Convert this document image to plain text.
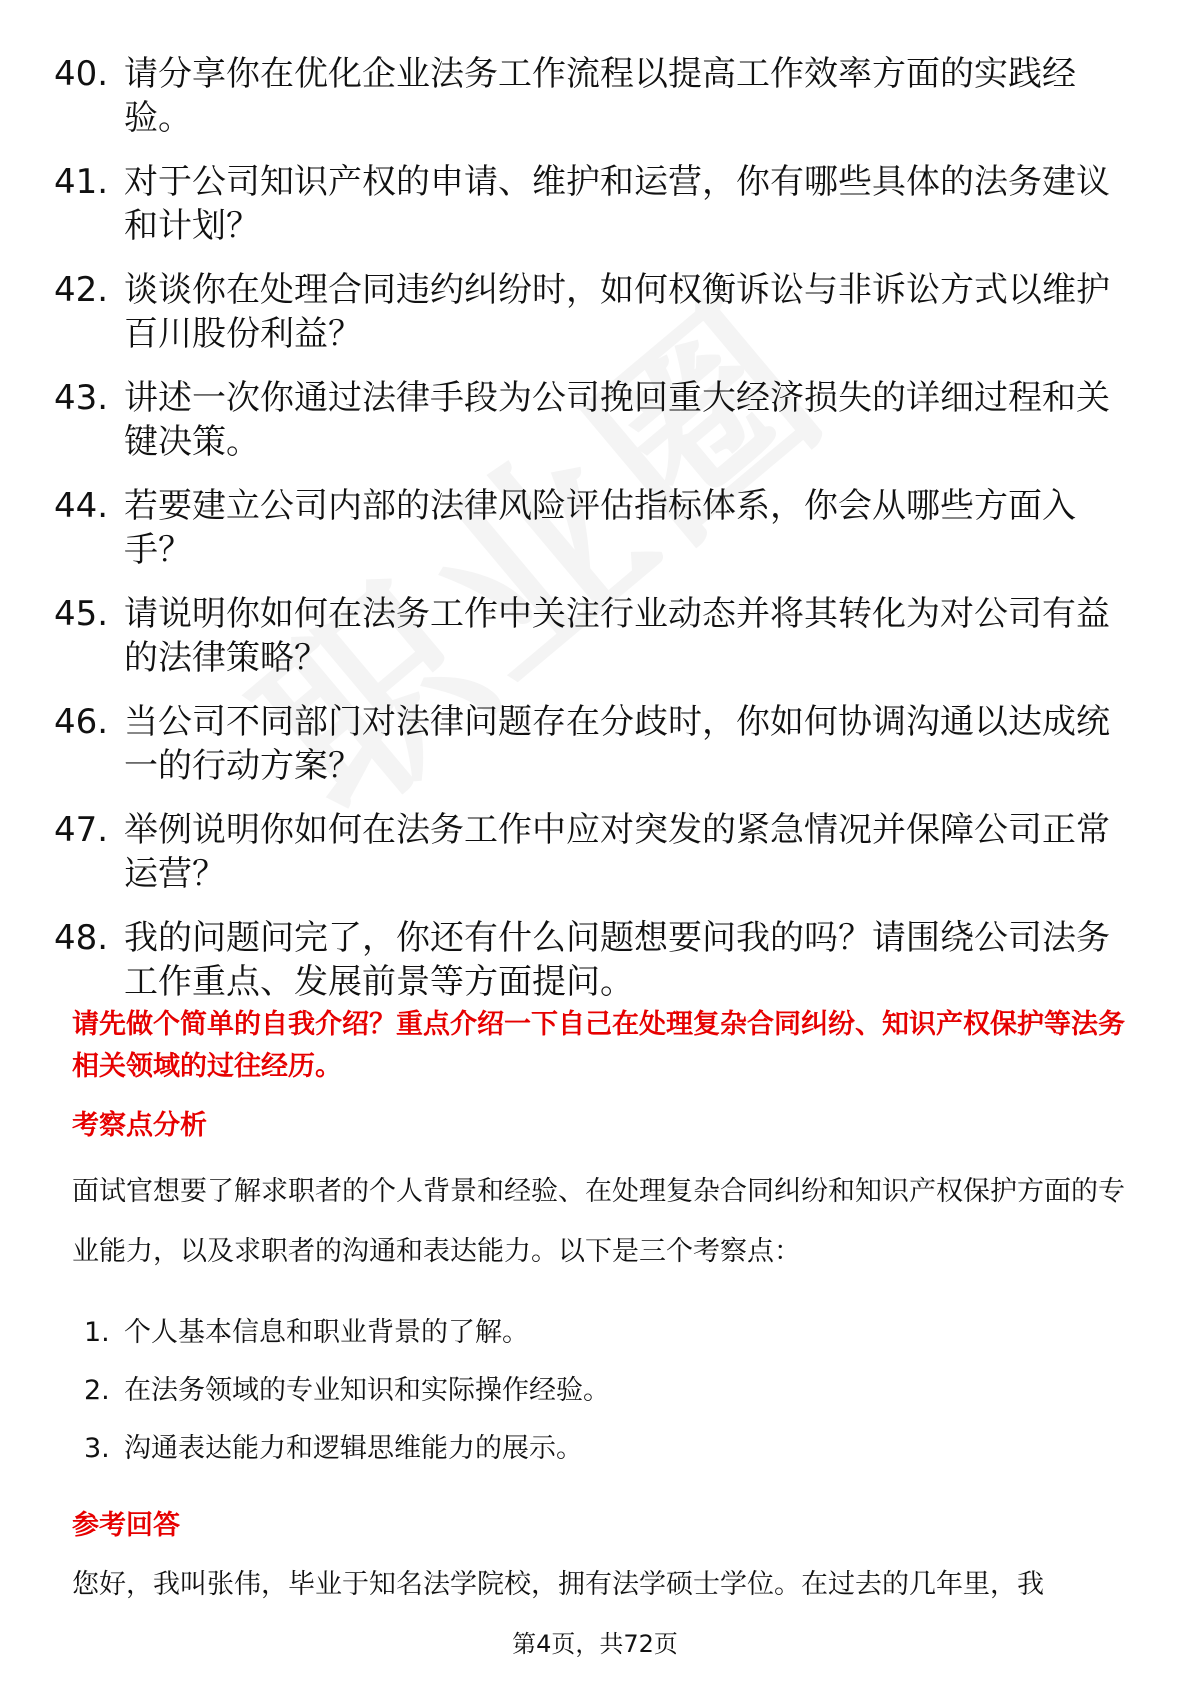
40. 请分享你在优化企业法务工作流程以提高工作效率方面的实践经验。
41. 对于公司知识产权的申请、维护和运营，你有哪些具体的法务建议和计划？
42. 谈谈你在处理合同违约纠纷时，如何权衡诉讼与非诉讼方式以维护百川股份利益？
43. 讲述一次你通过法律手段为公司挽回重大经济损失的详细过程和关键决策。
44. 若要建立公司内部的法律风险评估指标体系，你会从哪些方面入手？
45. 请说明你如何在法务工作中关注行业动态并将其转化为对公司有益的法律策略？
46. 当公司不同部门对法律问题存在分歧时，你如何协调沟通以达成统一的行动方案？
47. 举例说明你如何在法务工作中应对突发的紧急情况并保障公司正常运营？
48. 我的问题问完了，你还有什么问题想要问我的吗？请围绕公司法务工作重点、发展前景等方面提问。
请先做个简单的自我介绍？重点介绍一下自己在处理复杂合同纠纷、知识产权保护等法务相关领域的过往经历。
考察点分析
面试官想要了解求职者的个人背景和经验、在处理复杂合同纠纷和知识产权保护方面的专业能力，以及求职者的沟通和表达能力。以下是三个考察点：
1. 个人基本信息和职业背景的了解。
2. 在法务领域的专业知识和实际操作经验。
3. 沟通表达能力和逻辑思维能力的展示。
参考回答
您好，我叫张伟，毕业于知名法学院校，拥有法学硕士学位。在过去的几年里，我
第4页，共72页
